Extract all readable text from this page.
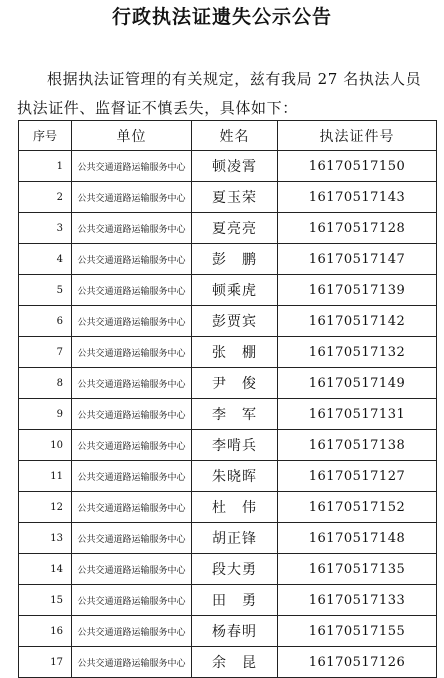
行政执法证遗失公示公告
根据执法证管理的有关规定，兹有我局 27 名执法人员
执法证件、监督证不慎丢失，具体如下：
序号	单位	姓名	执法证件号
1	公共交通道路运输服务中心	顿凌霄	16170517150
2	公共交通道路运输服务中心	夏玉荣	16170517143
3	公共交通道路运输服务中心	夏亮亮	16170517128
4	公共交通道路运输服务中心	彭　鹏	16170517147
5	公共交通道路运输服务中心	顿乘虎	16170517139
6	公共交通道路运输服务中心	彭贾宾	16170517142
7	公共交通道路运输服务中心	张　棚	16170517132
8	公共交通道路运输服务中心	尹　俊	16170517149
9	公共交通道路运输服务中心	李　军	16170517131
10	公共交通道路运输服务中心	李啃兵	16170517138
11	公共交通道路运输服务中心	朱晓晖	16170517127
12	公共交通道路运输服务中心	杜　伟	16170517152
13	公共交通道路运输服务中心	胡正锋	16170517148
14	公共交通道路运输服务中心	段大勇	16170517135
15	公共交通道路运输服务中心	田　勇	16170517133
16	公共交通道路运输服务中心	杨春明	16170517155
17	公共交通道路运输服务中心	余　昆	16170517126
